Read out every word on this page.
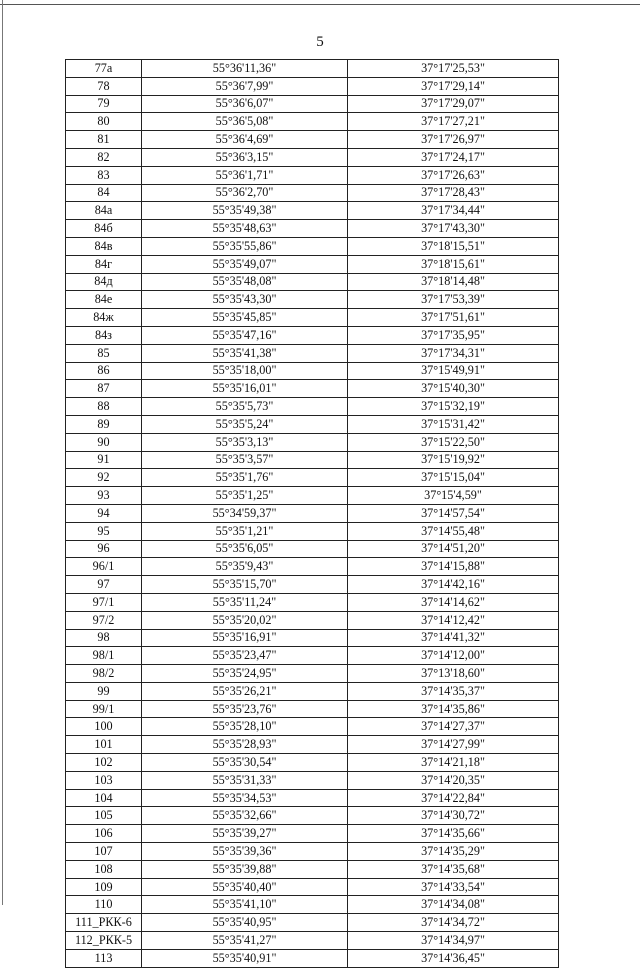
5
77а	55°36'11,36"	37°17'25,53"
78	55°36'7,99"	37°17'29,14"
79	55°36'6,07"	37°17'29,07"
80	55°36'5,08"	37°17'27,21"
81	55°36'4,69"	37°17'26,97"
82	55°36'3,15"	37°17'24,17"
83	55°36'1,71"	37°17'26,63"
84	55°36'2,70"	37°17'28,43"
84а	55°35'49,38"	37°17'34,44"
84б	55°35'48,63"	37°17'43,30"
84в	55°35'55,86"	37°18'15,51"
84г	55°35'49,07"	37°18'15,61"
84д	55°35'48,08"	37°18'14,48"
84е	55°35'43,30"	37°17'53,39"
84ж	55°35'45,85"	37°17'51,61"
84з	55°35'47,16"	37°17'35,95"
85	55°35'41,38"	37°17'34,31"
86	55°35'18,00"	37°15'49,91"
87	55°35'16,01"	37°15'40,30"
88	55°35'5,73"	37°15'32,19"
89	55°35'5,24"	37°15'31,42"
90	55°35'3,13"	37°15'22,50"
91	55°35'3,57"	37°15'19,92"
92	55°35'1,76"	37°15'15,04"
93	55°35'1,25"	37°15'4,59"
94	55°34'59,37"	37°14'57,54"
95	55°35'1,21"	37°14'55,48"
96	55°35'6,05"	37°14'51,20"
96/1	55°35'9,43"	37°14'15,88"
97	55°35'15,70"	37°14'42,16"
97/1	55°35'11,24"	37°14'14,62"
97/2	55°35'20,02"	37°14'12,42"
98	55°35'16,91"	37°14'41,32"
98/1	55°35'23,47"	37°14'12,00"
98/2	55°35'24,95"	37°13'18,60"
99	55°35'26,21"	37°14'35,37"
99/1	55°35'23,76"	37°14'35,86"
100	55°35'28,10"	37°14'27,37"
101	55°35'28,93"	37°14'27,99"
102	55°35'30,54"	37°14'21,18"
103	55°35'31,33"	37°14'20,35"
104	55°35'34,53"	37°14'22,84"
105	55°35'32,66"	37°14'30,72"
106	55°35'39,27"	37°14'35,66"
107	55°35'39,36"	37°14'35,29"
108	55°35'39,88"	37°14'35,68"
109	55°35'40,40"	37°14'33,54"
110	55°35'41,10"	37°14'34,08"
111_РКК-6	55°35'40,95"	37°14'34,72"
112_РКК-5	55°35'41,27"	37°14'34,97"
113	55°35'40,91"	37°14'36,45"
